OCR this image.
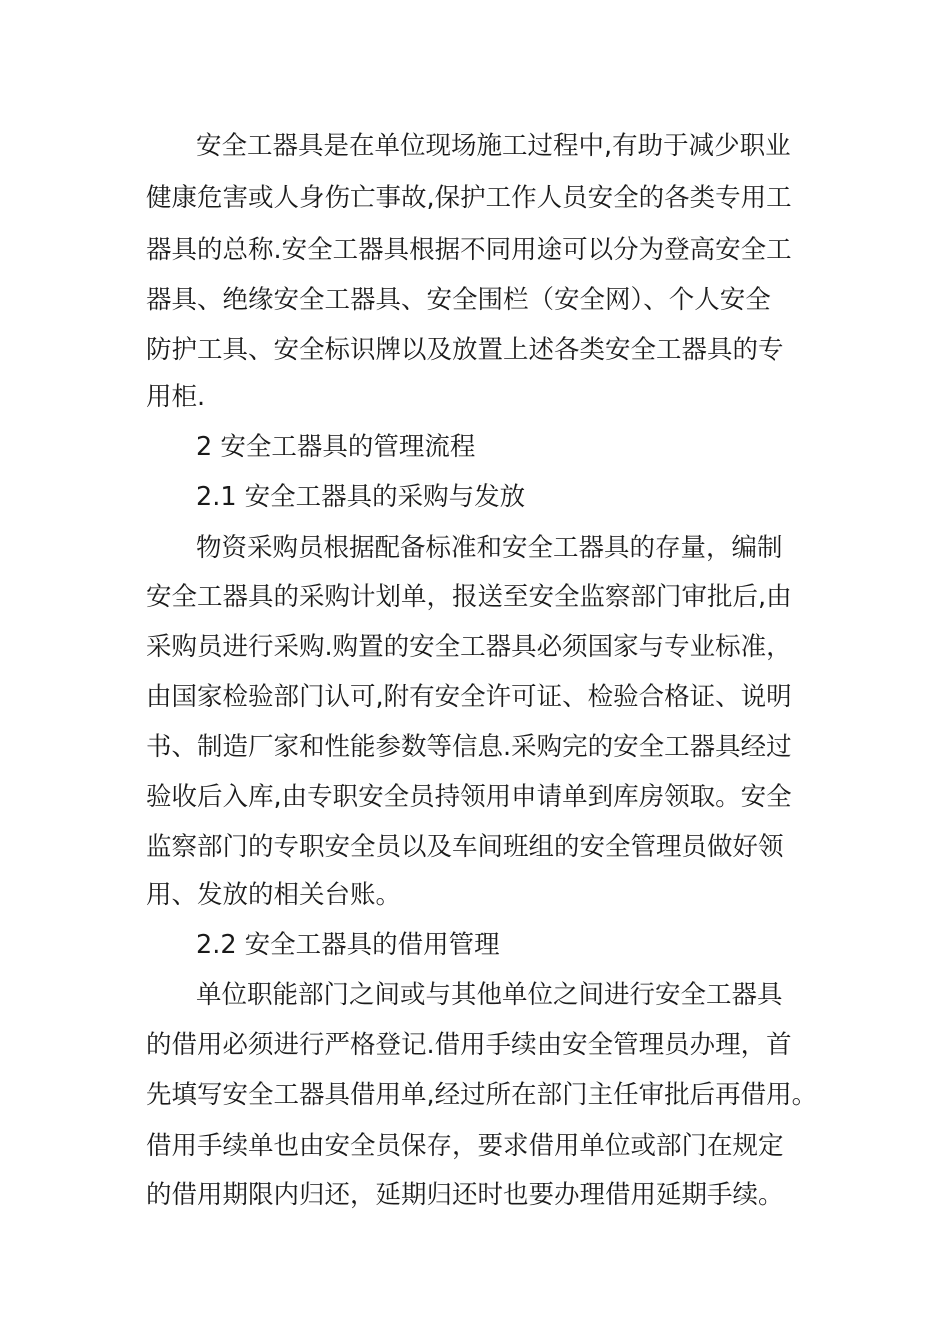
安全工器具是在单位现场施工过程中,有助于减少职业
健康危害或人身伤亡事故,保护工作人员安全的各类专用工
器具的总称.安全工器具根据不同用途可以分为登高安全工
器具、绝缘安全工器具、安全围栏（安全网）、个人安全
防护工具、安全标识牌以及放置上述各类安全工器具的专
用柜.
2 安全工器具的管理流程
2.1 安全工器具的采购与发放
物资采购员根据配备标准和安全工器具的存量，编制
安全工器具的采购计划单，报送至安全监察部门审批后,由
采购员进行采购.购置的安全工器具必须国家与专业标准，
由国家检验部门认可,附有安全许可证、检验合格证、说明
书、制造厂家和性能参数等信息.采购完的安全工器具经过
验收后入库,由专职安全员持领用申请单到库房领取。安全
监察部门的专职安全员以及车间班组的安全管理员做好领
用、发放的相关台账。
2.2 安全工器具的借用管理
单位职能部门之间或与其他单位之间进行安全工器具
的借用必须进行严格登记.借用手续由安全管理员办理，首
先填写安全工器具借用单,经过所在部门主任审批后再借用。
借用手续单也由安全员保存，要求借用单位或部门在规定
的借用期限内归还，延期归还时也要办理借用延期手续。
